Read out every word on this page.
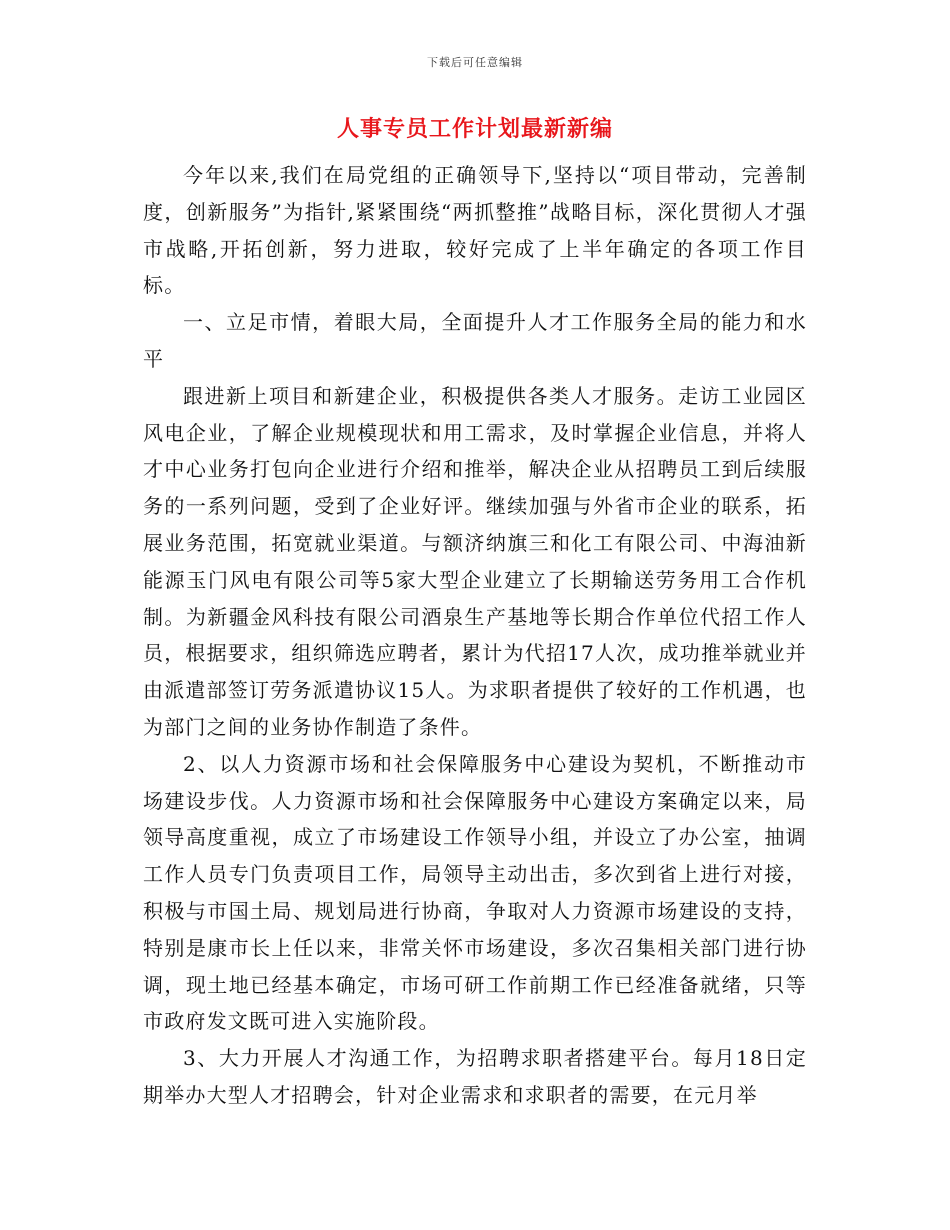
下载后可任意编辑
人事专员工作计划最新新编

今年以来,我们在局党组的正确领导下,坚持以“项目带动，完善制度，创新服务”为指针,紧紧围绕“两抓整推”战略目标，深化贯彻人才强市战略,开拓创新，努力进取，较好完成了上半年确定的各项工作目标。

一、立足市情，着眼大局，全面提升人才工作服务全局的能力和水平

跟进新上项目和新建企业，积极提供各类人才服务。走访工业园区风电企业，了解企业规模现状和用工需求，及时掌握企业信息，并将人才中心业务打包向企业进行介绍和推举，解决企业从招聘员工到后续服务的一系列问题，受到了企业好评。继续加强与外省市企业的联系，拓展业务范围，拓宽就业渠道。与额济纳旗三和化工有限公司、中海油新能源玉门风电有限公司等5家大型企业建立了长期输送劳务用工合作机制。为新疆金风科技有限公司酒泉生产基地等长期合作单位代招工作人员，根据要求，组织筛选应聘者，累计为代招17人次，成功推举就业并由派遣部签订劳务派遣协议15人。为求职者提供了较好的工作机遇，也为部门之间的业务协作制造了条件。

2、以人力资源市场和社会保障服务中心建设为契机，不断推动市场建设步伐。人力资源市场和社会保障服务中心建设方案确定以来，局领导高度重视，成立了市场建设工作领导小组，并设立了办公室，抽调工作人员专门负责项目工作，局领导主动出击，多次到省上进行对接，积极与市国土局、规划局进行协商，争取对人力资源市场建设的支持，特别是康市长上任以来，非常关怀市场建设，多次召集相关部门进行协调，现土地已经基本确定，市场可研工作前期工作已经准备就绪，只等市政府发文既可进入实施阶段。

3、大力开展人才沟通工作，为招聘求职者搭建平台。每月18日定期举办大型人才招聘会，针对企业需求和求职者的需要，在元月举
